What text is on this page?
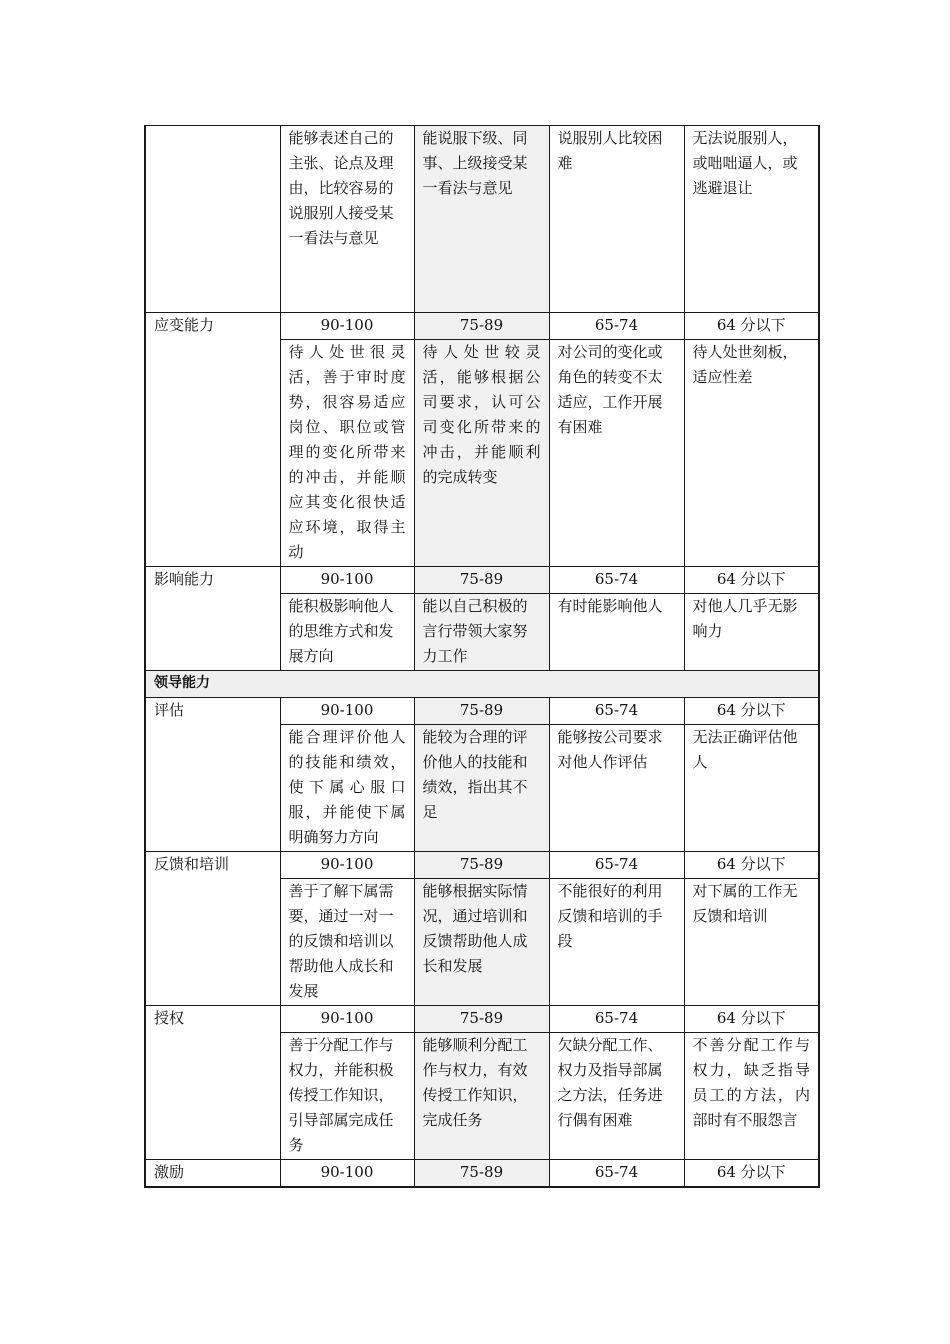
	能够表述自己的主张、论点及理由，比较容易的说服别人接受某一看法与意见	能说服下级、同事、上级接受某一看法与意见	说服别人比较困难	无法说服别人，或咄咄逼人，或逃避退让
应变能力	90-100	75-89	65-74	64 分以下
	待人处世很灵活，善于审时度势，很容易适应岗位、职位或管理的变化所带来的冲击，并能顺应其变化很快适应环境，取得主动	待人处世较灵活，能够根据公司要求，认可公司变化所带来的冲击，并能顺利的完成转变	对公司的变化或角色的转变不太适应，工作开展有困难	待人处世刻板，适应性差
影响能力	90-100	75-89	65-74	64 分以下
	能积极影响他人的思维方式和发展方向	能以自己积极的言行带领大家努力工作	有时能影响他人	对他人几乎无影响力
领导能力				
评估	90-100	75-89	65-74	64 分以下
	能合理评价他人的技能和绩效，使下属心服口服，并能使下属明确努力方向	能较为合理的评价他人的技能和绩效，指出其不足	能够按公司要求对他人作评估	无法正确评估他人
反馈和培训	90-100	75-89	65-74	64 分以下
	善于了解下属需要，通过一对一的反馈和培训以帮助他人成长和发展	能够根据实际情况，通过培训和反馈帮助他人成长和发展	不能很好的利用反馈和培训的手段	对下属的工作无反馈和培训
授权	90-100	75-89	65-74	64 分以下
	善于分配工作与权力，并能积极传授工作知识，引导部属完成任务	能够顺利分配工作与权力，有效传授工作知识，完成任务	欠缺分配工作、权力及指导部属之方法，任务进行偶有困难	不善分配工作与权力，缺乏指导员工的方法，内部时有不服怨言
激励	90-100	75-89	65-74	64 分以下
